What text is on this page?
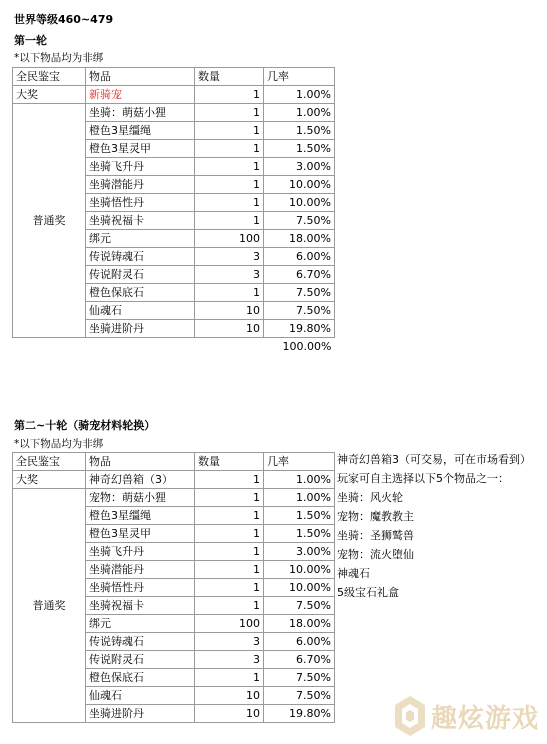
世界等级460~479
第一轮
*以下物品均为非绑
全民鉴宝	物品	数量	几率
大奖	新骑宠	1	1.00%
普通奖	坐骑：萌菇小狸	1	1.00%
	橙色3星缰绳	1	1.50%
	橙色3星灵甲	1	1.50%
	坐骑飞升丹	1	3.00%
	坐骑潜能丹	1	10.00%
	坐骑悟性丹	1	10.00%
	坐骑祝福卡	1	7.50%
	绑元	100	18.00%
	传说铸魂石	3	6.00%
	传说附灵石	3	6.70%
	橙色保底石	1	7.50%
	仙魂石	10	7.50%
	坐骑进阶丹	10	19.80%
			100.00%
第二~十轮（骑宠材料轮换）
*以下物品均为非绑
全民鉴宝	物品	数量	几率
大奖	神奇幻兽箱（3）	1	1.00%
普通奖	宠物：萌菇小狸	1	1.00%
	橙色3星缰绳	1	1.50%
	橙色3星灵甲	1	1.50%
	坐骑飞升丹	1	3.00%
	坐骑潜能丹	1	10.00%
	坐骑悟性丹	1	10.00%
	坐骑祝福卡	1	7.50%
	绑元	100	18.00%
	传说铸魂石	3	6.00%
	传说附灵石	3	6.70%
	橙色保底石	1	7.50%
	仙魂石	10	7.50%
	坐骑进阶丹	10	19.80%
神奇幻兽箱3（可交易，可在市场看到）
玩家可自主选择以下5个物品之一：
坐骑：风火轮
宠物：魔教教主
坐骑：圣狮鹫兽
宠物：流火堕仙
神魂石
5级宝石礼盒
趣炫游戏
